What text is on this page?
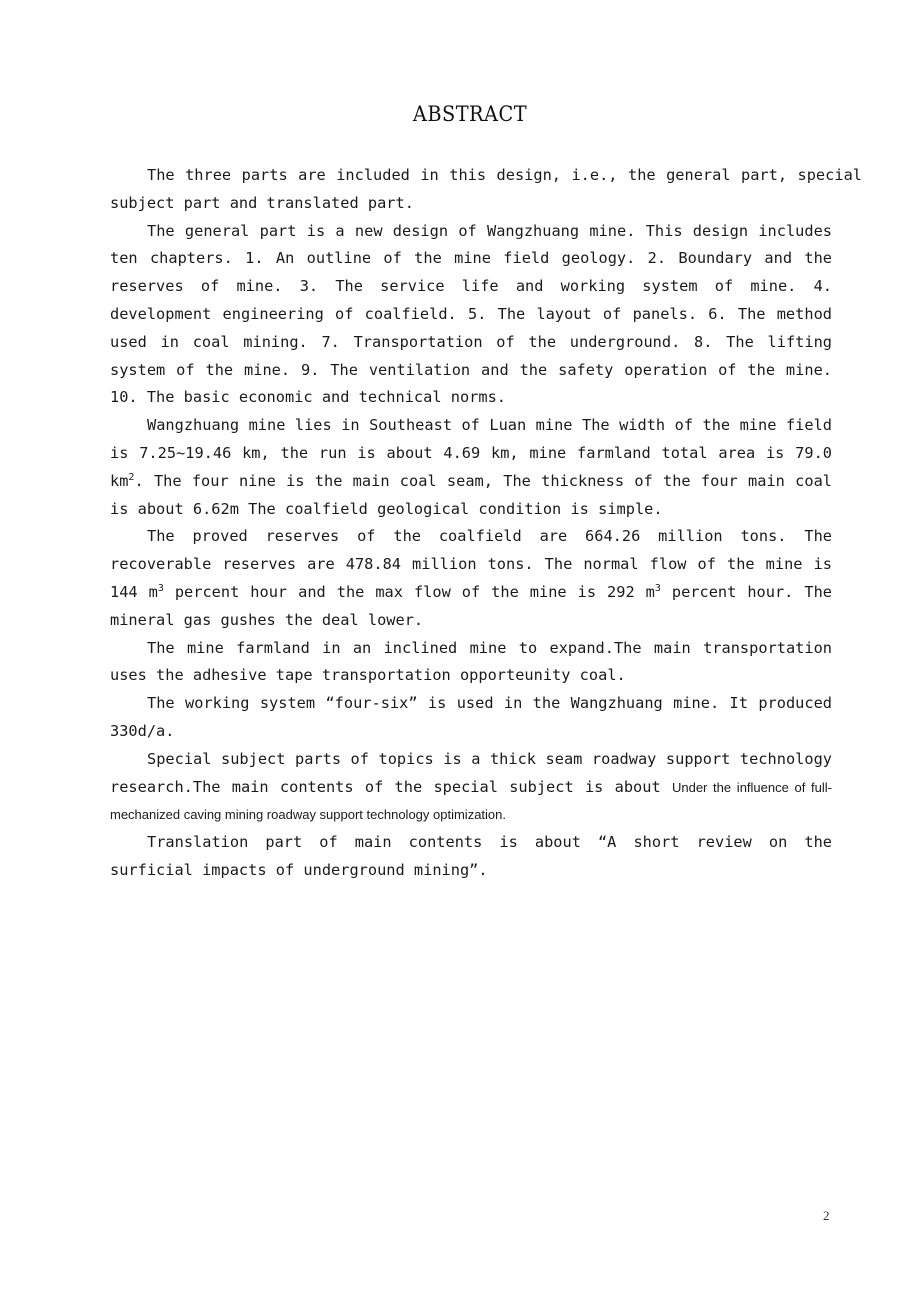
ABSTRACT

The three parts are included in this design, i.e., the general part, special subject part and translated part.

The general part is a new design of Wangzhuang mine. This design includes ten chapters. 1. An outline of the mine field geology. 2. Boundary and the reserves of mine. 3. The service life and working system of mine. 4. development engineering of coalfield. 5. The layout of panels. 6. The method used in coal mining. 7. Transportation of the underground. 8. The lifting system of the mine. 9. The ventilation and the safety operation of the mine. 10. The basic economic and technical norms.

Wangzhuang mine lies in Southeast of Luan mine The width of the mine field is 7.25~19.46 km, the run is about 4.69 km, mine farmland total area is 79.0 $km^2$. The four nine is the main coal seam, The thickness of the four main coal is about 6.62m The coalfield geological condition is simple.

The proved reserves of the coalfield are 664.26 million tons. The recoverable reserves are 478.84 million tons. The normal flow of the mine is 144 $m^3$ percent hour and the max flow of the mine is 292 $m^3$ percent hour. The mineral gas gushes the deal lower.

The mine farmland in an inclined mine to expand.The main transportation uses the adhesive tape transportation opporteunity coal.

The working system “four-six” is used in the Wangzhuang mine. It produced 330d/a.

Special subject parts of topics is a thick seam roadway support technology research.The main contents of the special subject is about Under the influence of full-mechanized caving mining roadway support technology optimization.

Translation part of main contents is about “A short review on the surficial impacts of underground mining”.

2
